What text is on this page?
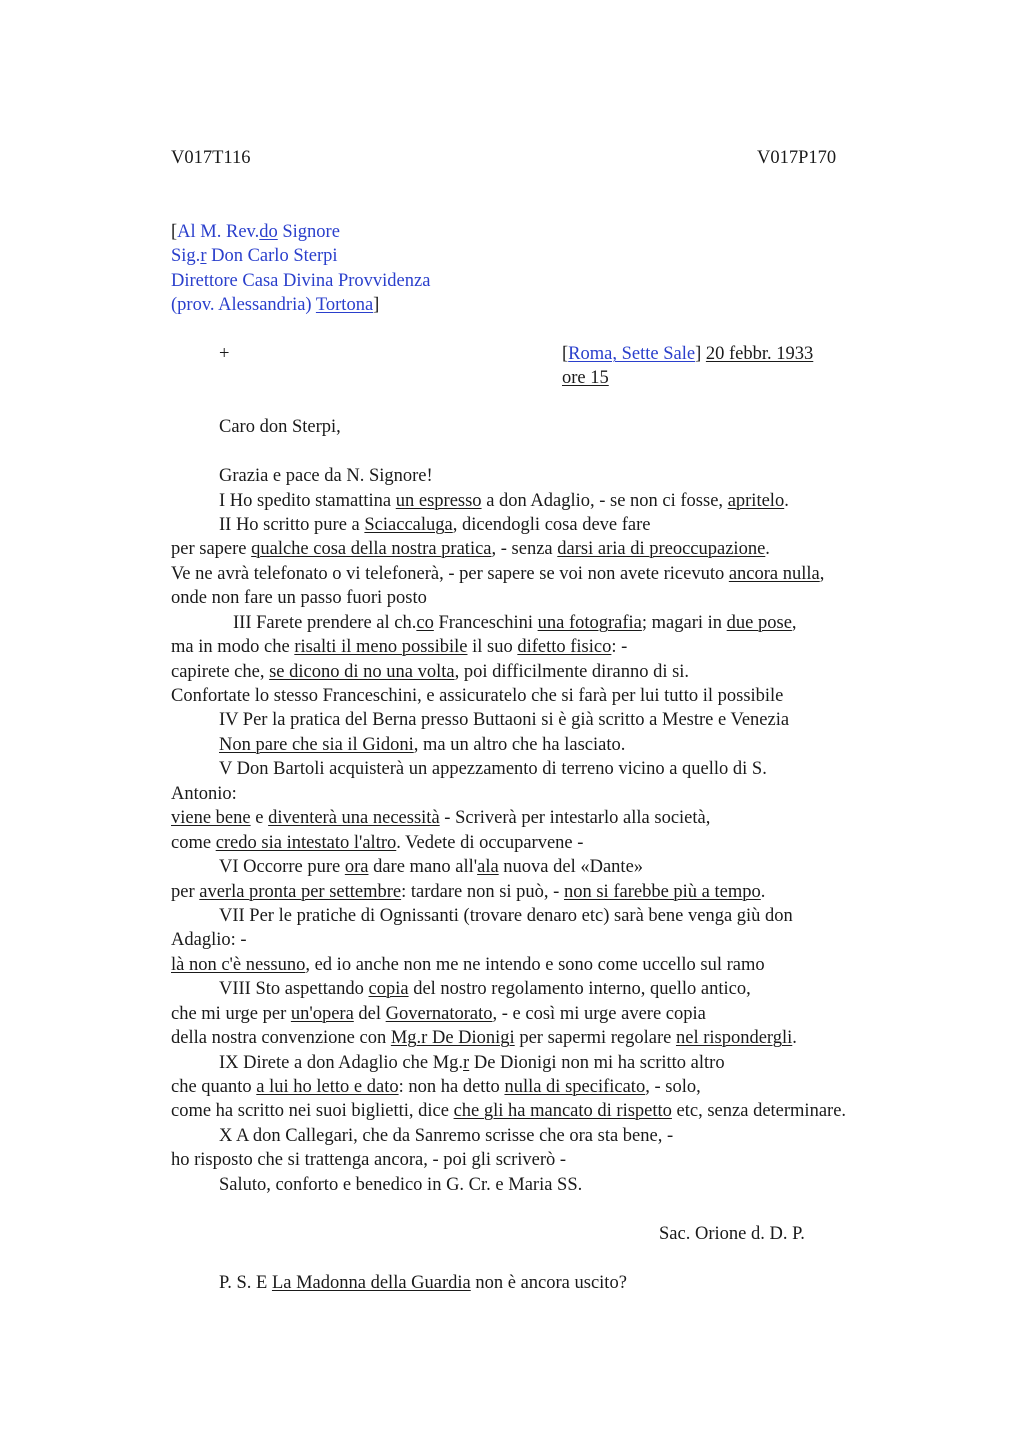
V017T116	V017P170
[Al M. Rev.do Signore
Sig.r Don Carlo Sterpi
Direttore Casa Divina Provvidenza
(prov. Alessandria) Tortona]
+	[Roma, Sette Sale] 20 febbr. 1933
ore 15
Caro don Sterpi,
Grazia e pace da N. Signore!
I Ho spedito stamattina un espresso a don Adaglio, - se non ci fosse, apritelo.
II Ho scritto pure a Sciaccaluga, dicendogli cosa deve fare
per sapere qualche cosa della nostra pratica, - senza darsi aria di preoccupazione.
Ve ne avrà telefonato o vi telefonerà, - per sapere se voi non avete ricevuto ancora nulla,
onde non fare un passo fuori posto
III Farete prendere al ch.co Franceschini una fotografia; magari in due pose,
ma in modo che risalti il meno possibile il suo difetto fisico: -
capirete che, se dicono di no una volta, poi difficilmente diranno di si.
Confortate lo stesso Franceschini, e assicuratelo che si farà per lui tutto il possibile
IV Per la pratica del Berna presso Buttaoni si è già scritto a Mestre e Venezia
Non pare che sia il Gidoni, ma un altro che ha lasciato.
V Don Bartoli acquisterà un appezzamento di terreno vicino a quello di S.
Antonio:
viene bene e diventerà una necessità - Scriverà per intestarlo alla società,
come credo sia intestato l'altro. Vedete di occuparvene -
VI Occorre pure ora dare mano all'ala nuova del «Dante»
per averla pronta per settembre: tardare non si può, - non si farebbe più a tempo.
VII Per le pratiche di Ognissanti (trovare denaro etc) sarà bene venga giù don
Adaglio: -
là non c'è nessuno, ed io anche non me ne intendo e sono come uccello sul ramo
VIII Sto aspettando copia del nostro regolamento interno, quello antico,
che mi urge per un'opera del Governatorato, - e così mi urge avere copia
della nostra convenzione con Mg.r De Dionigi per sapermi regolare nel rispondergli.
IX Direte a don Adaglio che Mg.r De Dionigi non mi ha scritto altro
che quanto a lui ho letto e dato: non ha detto nulla di specificato, - solo,
come ha scritto nei suoi biglietti, dice che gli ha mancato di rispetto etc, senza determinare.
X A don Callegari, che da Sanremo scrisse che ora sta bene, -
ho risposto che si trattenga ancora, - poi gli scriverò -
Saluto, conforto e benedico in G. Cr. e Maria SS.
Sac. Orione d. D. P.
P. S. E La Madonna della Guardia non è ancora uscito?
